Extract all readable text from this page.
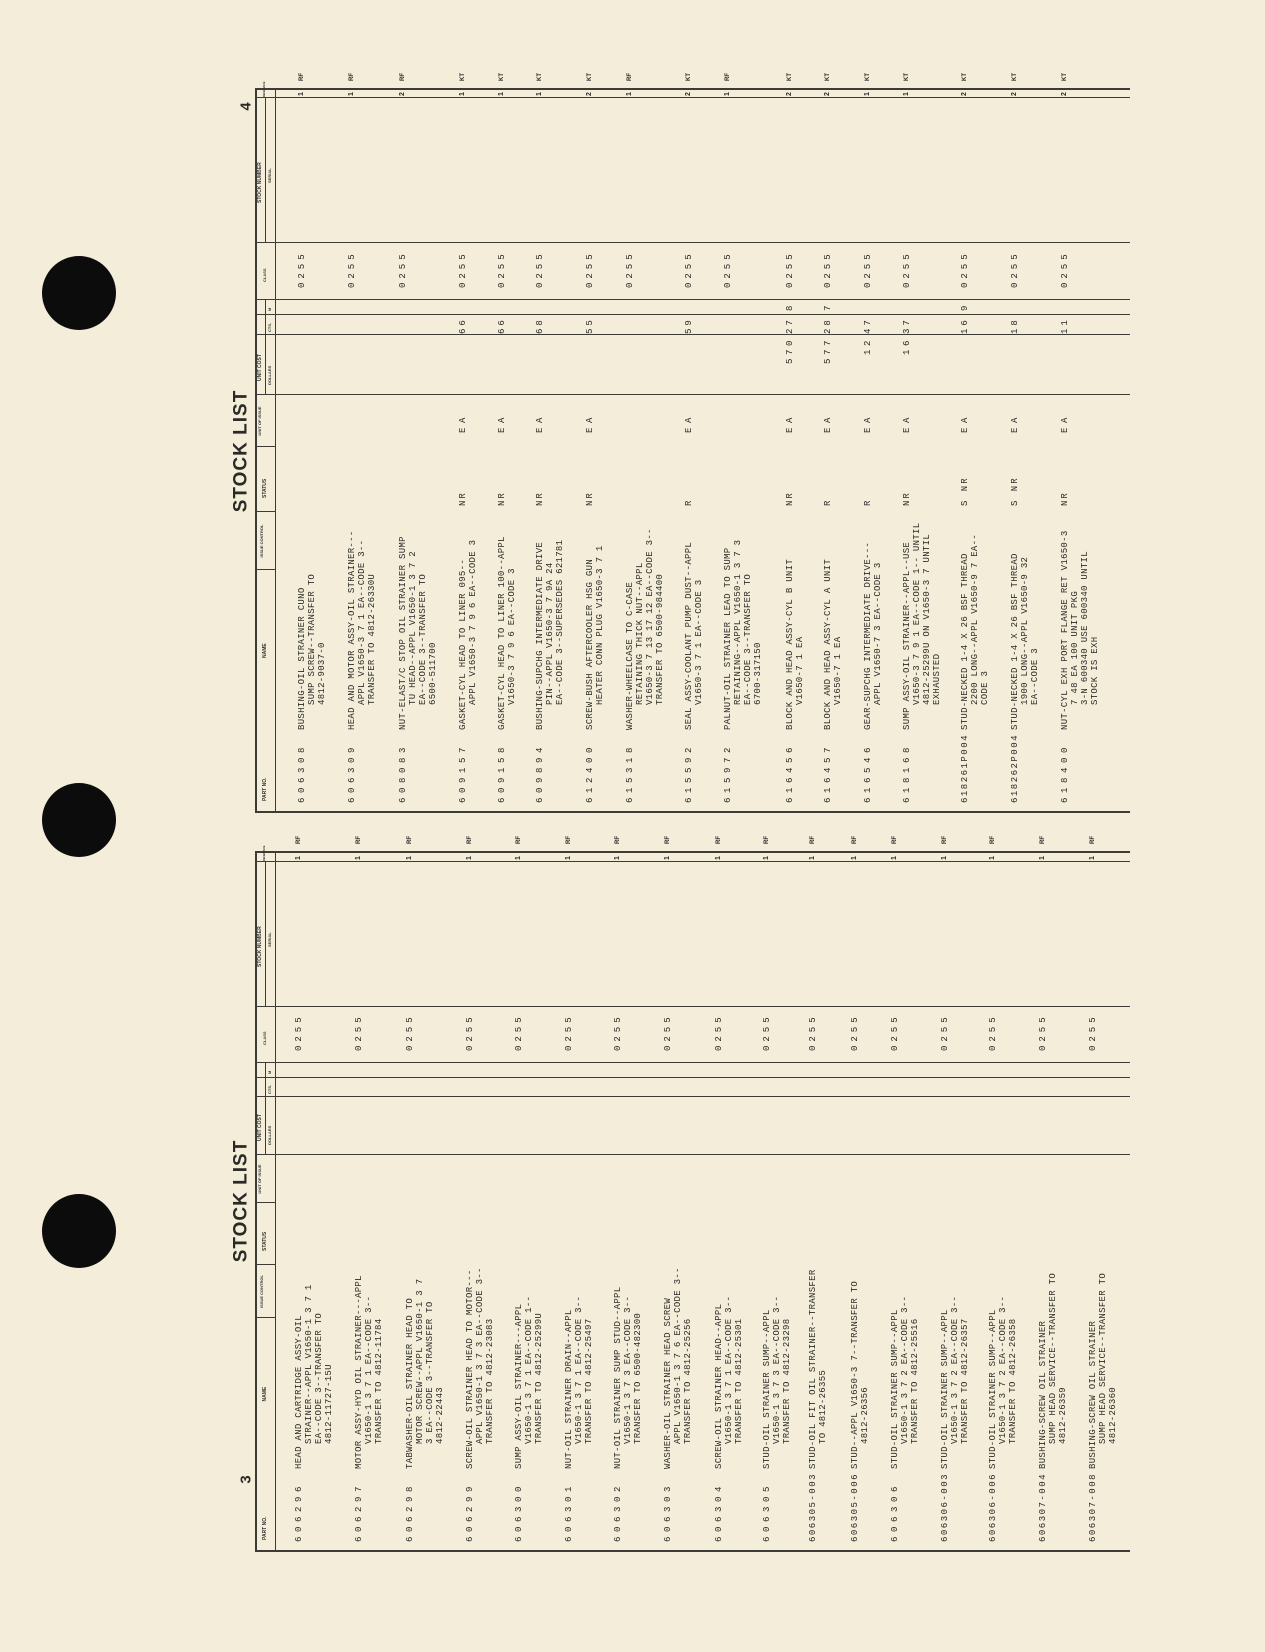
STOCK LIST
STOCK LIST
4
3
PART NO.
NAME
ISSUE CONTROL
STATUS
UNIT OF ISSUE
UNIT COST DOLLARS
CTS.
M
CLASS
STOCK NUMBER SERIAL
REFERENCE
606308
BUSHING-OIL STRAINER CUNO SUMP SCREW--TRANSFER TO 4812-9037-0
0255
1
RF
606309
HEAD AND MOTOR ASSY-OIL STRAINER--- APPL V1650-3 7 1 EA--CODE 3-- TRANSFER TO 4812-26330U
0255
1
RF
608083
NUT-ELAST/C STOP OIL STRAINER SUMP TU HEAD--APPL V1650-1 3 7 2 EA--CODE 3--TRANSFER TO 6500-511700
0255
2
RF
609157
GASKET-CYL HEAD TO LINER 095-- APPL V1650-3 7 9 6 EA--CODE 3
NR
EA
66
0255
1
KT
609158
GASKET-CYL HEAD TO LINER 100--APPL V1650-3 7 9 6 EA--CODE 3
NR
EA
66
0255
1
KT
609894
BUSHING-SUPCHG INTERMEDIATE DRIVE PIN--APPL V1650-3 7 9A 24 EA--CODE 3--SUPERSEDES 621781
NR
EA
68
0255
1
KT
612400
SCREW-BUSH AFTERCOOLER HSG GUN HEATER CONN PLUG V1650-3 7 1
NR
EA
55
0255
2
KT
615318
WASHER-WHEELCASE TO C-CASE RETAINING THICK NUT--APPL V1650-3 7 13 17 12 EA--CODE 3-- TRANSFER TO 6500-984400
0255
1
RF
615592
SEAL ASSY-COOLANT PUMP DUST--APPL V1650-3 7 1 EA--CODE 3
R
EA
59
0255
2
KT
615972
PALNUT-OIL STRAINER LEAD TO SUMP RETAINING--APPL V1650-1 3 7 3 EA--CODE 3--TRANSFER TO 6700-317150
0255
1
RF
616456
BLOCK AND HEAD ASSY-CYL B UNIT V1650-7 1 EA
NR
EA
570
27
8
0255
2
KT
616457
BLOCK AND HEAD ASSY-CYL A UNIT V1650-7 1 EA
R
EA
577
28
7
0255
2
KT
616546
GEAR-SUPCHG INTERMEDIATE DRIVE--- APPL V1650-7 3 EA--CODE 3
R
EA
12
47
0255
1
KT
618168
SUMP ASSY-OIL STRAINER--APPL--USE V1650-3 7 9 1 EA--CODE 1-- UNTIL 4812-25299U ON V1650-3 7 UNTIL EXHAUSTED
NR
EA
16
37
0255
1
KT
618261P004
STUD-NECKED 1-4 X 26 BSF THREAD 2200 LONG--APPL V1650-9 7 EA-- CODE 3
S NR
EA
16
9
0255
2
KT
618262P004
STUD-NECKED 1-4 X 26 BSF THREAD 1900 LONG--APPL V1650-9 32 EA--CODE 3
S NR
EA
18
0255
2
KT
618400
NUT-CYL EXH PORT FLANGE RET V1650-3 7 48 EA 100 UNIT PKG 3-N 600340 USE 600340 UNTIL STOCK IS EXH
NR
EA
11
0255
2
KT
PART NO.
NAME
ISSUE CONTROL
STATUS
UNIT OF ISSUE
UNIT COST DOLLARS
CTS.
M
CLASS
STOCK NUMBER SERIAL
REFERENCE
606296
HEAD AND CARTRIDGE ASSY-OIL STRAINER--APPL V1650-1 3 7 1 EA--CODE 3--TRANSFER TO 4812-11727-15U
0255
1
RF
606297
MOTOR ASSY-HYD OIL STRAINER---APPL V1650-1 3 7 1 EA--CODE 3-- TRANSFER TO 4812-11784
0255
1
RF
606298
TABWASHER-OIL STRAINER HEAD TO MOTOR SCREW--APPL V1650-1 3 7 3 EA--CODE 3--TRANSFER TO 4812-22443
0255
1
RF
606299
SCREW-OIL STRAINER HEAD TO MOTOR--- APPL V1650-1 3 7 3 EA--CODE 3-- TRANSFER TO 4812-23083
0255
1
RF
606300
SUMP ASSY-OIL STRAINER---APPL V1650-1 3 7 1 EA--CODE 1-- TRANSFER TO 4812-25299U
0255
1
RF
606301
NUT-OIL STRAINER DRAIN--APPL V1650-1 3 7 1 EA--CODE 3-- TRANSFER TO 4812-25497
0255
1
RF
606302
NUT-OIL STRAINER SUMP STUD--APPL V1650-1 3 7 3 EA--CODE 3-- TRANSFER TO 6500-482300
0255
1
RF
606303
WASHER-OIL STRAINER HEAD SCREW APPL V1650-1 3 7 6 EA--CODE 3-- TRANSFER TO 4812-25256
0255
1
RF
606304
SCREW-OIL STRAINER HEAD--APPL V1650-1 3 7 1 EA--CODE 3-- TRANSFER TO 4812-25301
0255
1
RF
606305
STUD-OIL STRAINER SUMP--APPL V1650-1 3 7 3 EA--CODE 3-- TRANSFER TO 4812-23298
0255
1
RF
606305-003
STUD-OIL FIT OIL STRAINER--TRANSFER TO 4812-26355
0255
1
RF
606305-006
STUD--APPL V1650-3 7--TRANSFER TO 4812-26356
0255
1
RF
606306
STUD-OIL STRAINER SUMP--APPL V1650-1 3 7 2 EA--CODE 3-- TRANSFER TO 4812-25516
0255
1
RF
606306-003
STUD-OIL STRAINER SUMP--APPL V1650-1 3 7 2 EA--CODE 3-- TRANSFER TO 4812-26357
0255
1
RF
606306-006
STUD-OIL STRAINER SUMP--APPL V1650-1 3 7 2 EA--CODE 3-- TRANSFER TO 4812-26358
0255
1
RF
606307-004
BUSHING-SCREW OIL STRAINER SUMP HEAD SERVICE--TRANSFER TO 4812-26359
0255
1
RF
606307-008
BUSHING-SCREW OIL STRAINER SUMP HEAD SERVICE--TRANSFER TO 4812-26360
0255
1
RF
